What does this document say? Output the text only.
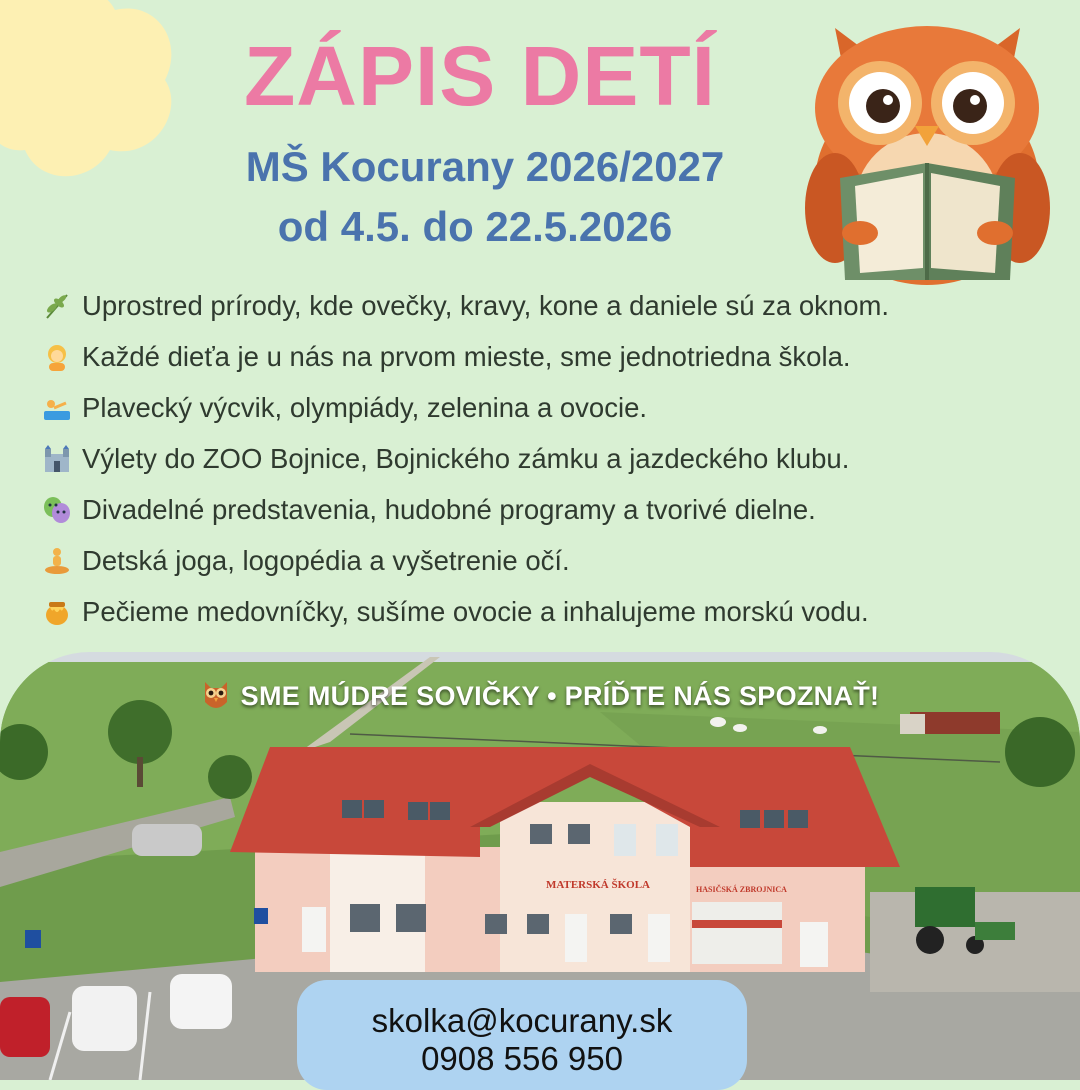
ZÁPIS DETÍ
MŠ Kocurany 2026/2027
od 4.5. do 22.5.2026
Uprostred prírody, kde ovečky, kravy, kone a daniele sú za oknom.
Každé dieťa je u nás na prvom mieste, sme jednotriedna škola.
Plavecký výcvik, olympiády, zelenina a ovocie.
Výlety do ZOO Bojnice, Bojnického zámku a jazdeckého klubu.
Divadelné predstavenia, hudobné programy a tvorivé dielne.
Detská joga, logopédia a vyšetrenie očí.
Pečieme medovníčky, sušíme ovocie a inhalujeme morskú vodu.
MATERSKÁ ŠKOLA	HASIČSKÁ ZBROJNICA
SME MÚDRE SOVIČKY • PRÍĎTE NÁS SPOZNAŤ!
skolka@kocurany.sk
0908 556 950
